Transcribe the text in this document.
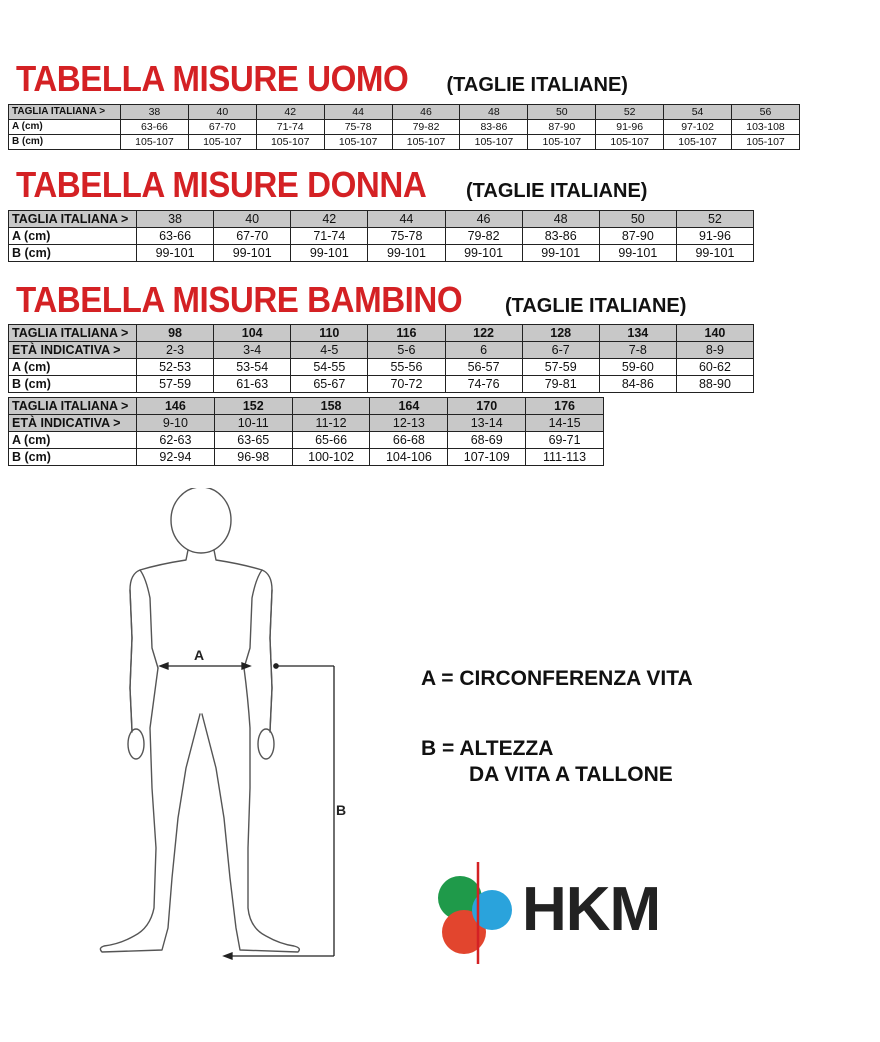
TABELLA MISURE UOMO (TAGLIE ITALIANE)
TAGLIA ITALIANA >	38	40	42	44	46	48	50	52	54	56
A (cm)	63-66	67-70	71-74	75-78	79-82	83-86	87-90	91-96	97-102	103-108
B (cm)	105-107	105-107	105-107	105-107	105-107	105-107	105-107	105-107	105-107	105-107
TABELLA MISURE DONNA (TAGLIE ITALIANE)
TAGLIA ITALIANA >	38	40	42	44	46	48	50	52
A (cm)	63-66	67-70	71-74	75-78	79-82	83-86	87-90	91-96
B (cm)	99-101	99-101	99-101	99-101	99-101	99-101	99-101	99-101
TABELLA MISURE BAMBINO (TAGLIE ITALIANE)
TAGLIA ITALIANA >	98	104	110	116	122	128	134	140
ETÀ INDICATIVA >	2-3	3-4	4-5	5-6	6	6-7	7-8	8-9
A (cm)	52-53	53-54	54-55	55-56	56-57	57-59	59-60	60-62
B (cm)	57-59	61-63	65-67	70-72	74-76	79-81	84-86	88-90
TAGLIA ITALIANA >	146	152	158	164	170	176
ETÀ INDICATIVA >	9-10	10-11	11-12	12-13	13-14	14-15
A (cm)	62-63	63-65	65-66	66-68	68-69	69-71
B (cm)	92-94	96-98	100-102	104-106	107-109	111-113
A
B
A = CIRCONFERENZA VITA
B = ALTEZZA
DA VITA A TALLONE
HKM
